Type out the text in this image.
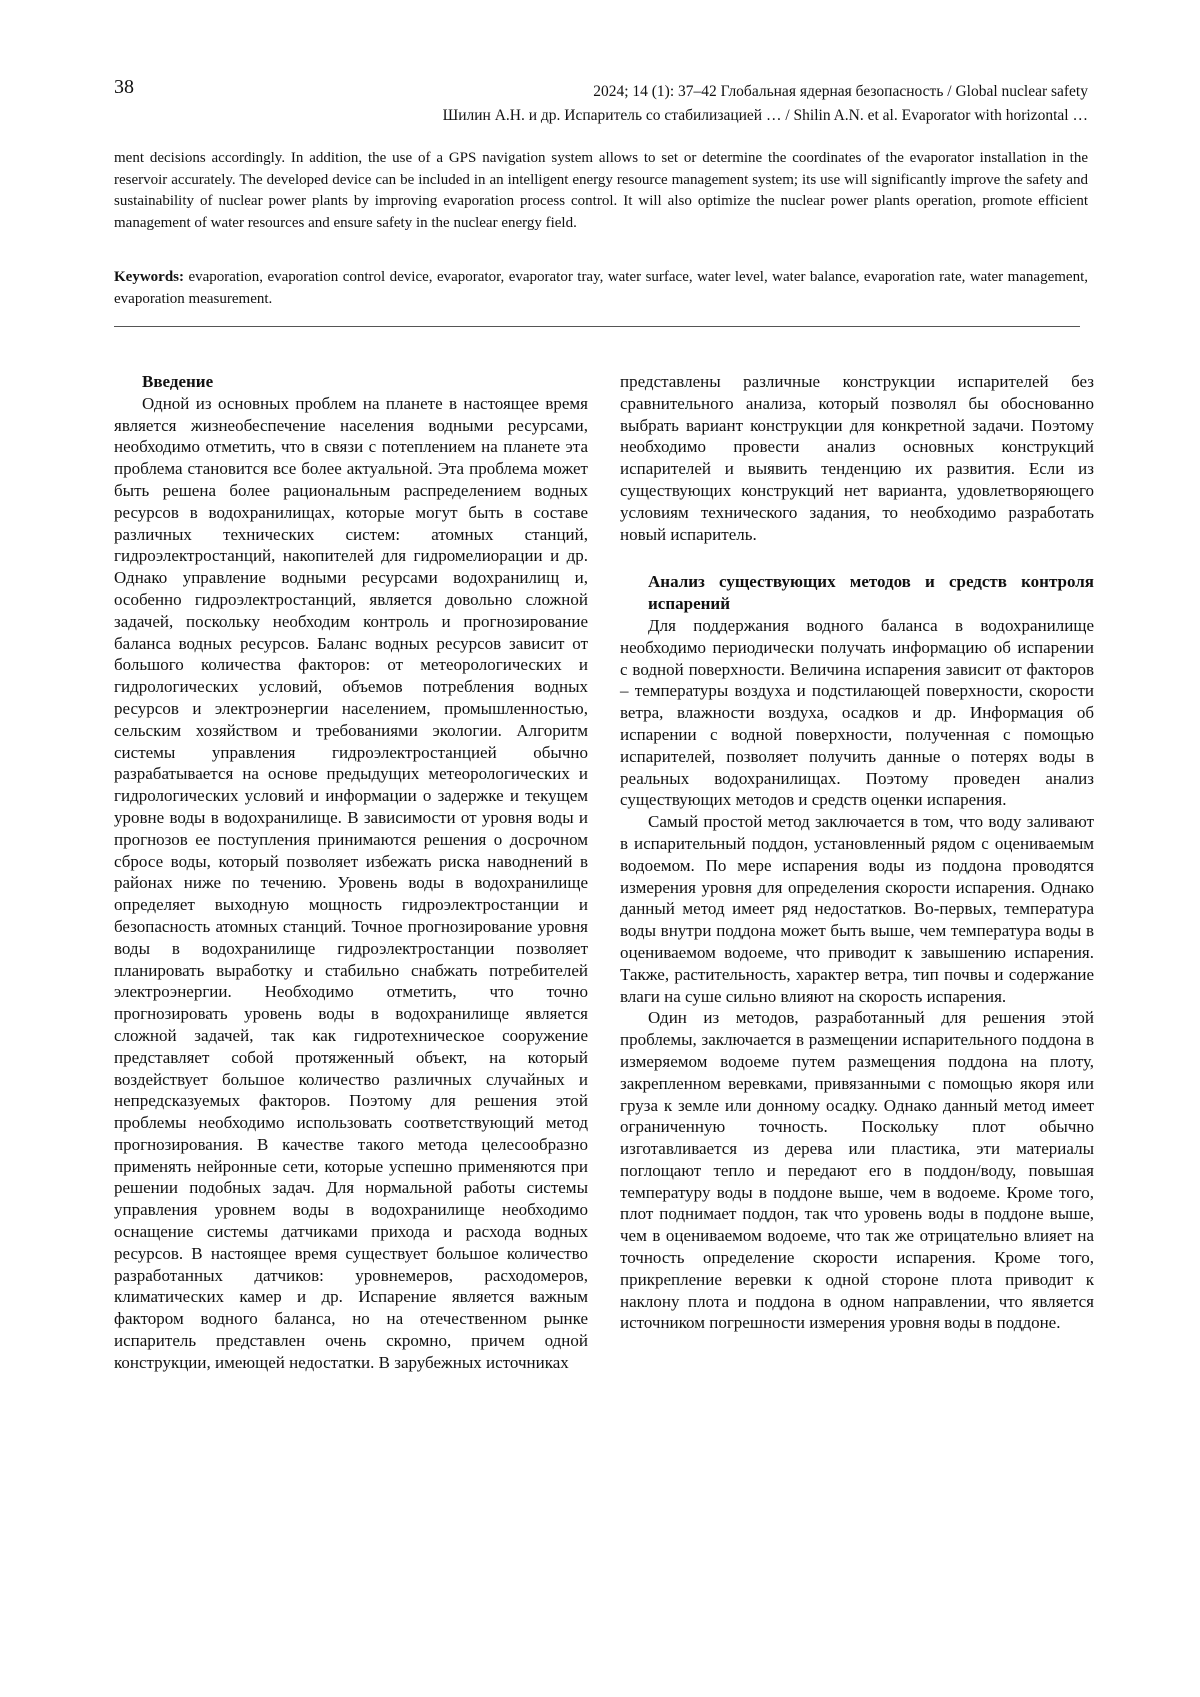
38	2024; 14 (1): 37–42 Глобальная ядерная безопасность / Global nuclear safety
Шилин А.Н. и др. Испаритель со стабилизацией … / Shilin A.N. et al. Evaporator with horizontal …

ment decisions accordingly. In addition, the use of a GPS navigation system allows to set or determine the coordinates of the evaporator installation in the reservoir accurately. The developed device can be included in an intelligent energy resource management system; its use will significantly improve the safety and sustainability of nuclear power plants by improving evaporation process control. It will also optimize the nuclear power plants operation, promote efficient management of water resources and ensure safety in the nuclear energy field.

Keywords: evaporation, evaporation control device, evaporator, evaporator tray, water surface, water level, water balance, evaporation rate, water management, evaporation measurement.

Введение

Одной из основных проблем на планете в настоящее время является жизнеобеспечение населения водными ресурсами, необходимо отметить, что в связи с потеплением на планете эта проблема становится все более актуальной. Эта проблема может быть решена более рациональным распределением водных ресурсов в водохранилищах, которые могут быть в составе различных технических систем: атомных станций, гидроэлектростанций, накопителей для гидромелиорации и др. Однако управление водными ресурсами водохранилищ и, особенно гидроэлектростанций, является довольно сложной задачей, поскольку необходим контроль и прогнозирование баланса водных ресурсов. Баланс водных ресурсов зависит от большого количества факторов: от метеорологических и гидрологических условий, объемов потребления водных ресурсов и электроэнергии населением, промышленностью, сельским хозяйством и требованиями экологии. Алгоритм системы управления гидроэлектростанцией обычно разрабатывается на основе предыдущих метеорологических и гидрологических условий и информации о задержке и текущем уровне воды в водохранилище. В зависимости от уровня воды и прогнозов ее поступления принимаются решения о досрочном сбросе воды, который позволяет избежать риска наводнений в районах ниже по течению. Уровень воды в водохранилище определяет выходную мощность гидроэлектростанции и безопасность атомных станций. Точное прогнозирование уровня воды в водохранилище гидроэлектростанции позволяет планировать выработку и стабильно снабжать потребителей электроэнергии. Необходимо отметить, что точно прогнозировать уровень воды в водохранилище является сложной задачей, так как гидротехническое сооружение представляет собой протяженный объект, на который воздействует большое количество различных случайных и непредсказуемых факторов. Поэтому для решения этой проблемы необходимо использовать соответствующий метод прогнозирования. В качестве такого метода целесообразно применять нейронные сети, которые успешно применяются при решении подобных задач. Для нормальной работы системы управления уровнем воды в водохранилище необходимо оснащение системы датчиками прихода и расхода водных ресурсов. В настоящее время существует большое количество разработанных датчиков: уровнемеров, расходомеров, климатических камер и др. Испарение является важным фактором водного баланса, но на отечественном рынке испаритель представлен очень скромно, причем одной конструкции, имеющей недостатки. В зарубежных источниках

представлены различные конструкции испарителей без сравнительного анализа, который позволял бы обоснованно выбрать вариант конструкции для конкретной задачи. Поэтому необходимо провести анализ основных конструкций испарителей и выявить тенденцию их развития. Если из существующих конструкций нет варианта, удовлетворяющего условиям технического задания, то необходимо разработать новый испаритель.

Анализ существующих методов и средств контроля испарений

Для поддержания водного баланса в водохранилище необходимо периодически получать информацию об испарении с водной поверхности. Величина испарения зависит от факторов – температуры воздуха и подстилающей поверхности, скорости ветра, влажности воздуха, осадков и др. Информация об испарении с водной поверхности, полученная с помощью испарителей, позволяет получить данные о потерях воды в реальных водохранилищах. Поэтому проведен анализ существующих методов и средств оценки испарения.

Самый простой метод заключается в том, что воду заливают в испарительный поддон, установленный рядом с оцениваемым водоемом. По мере испарения воды из поддона проводятся измерения уровня для определения скорости испарения. Однако данный метод имеет ряд недостатков. Во-первых, температура воды внутри поддона может быть выше, чем температура воды в оцениваемом водоеме, что приводит к завышению испарения. Также, растительность, характер ветра, тип почвы и содержание влаги на суше сильно влияют на скорость испарения.

Один из методов, разработанный для решения этой проблемы, заключается в размещении испарительного поддона в измеряемом водоеме путем размещения поддона на плоту, закрепленном веревками, привязанными с помощью якоря или груза к земле или донному осадку. Однако данный метод имеет ограниченную точность. Поскольку плот обычно изготавливается из дерева или пластика, эти материалы поглощают тепло и передают его в поддон/воду, повышая температуру воды в поддоне выше, чем в водоеме. Кроме того, плот поднимает поддон, так что уровень воды в поддоне выше, чем в оцениваемом водоеме, что так же отрицательно влияет на точность определение скорости испарения. Кроме того, прикрепление веревки к одной стороне плота приводит к наклону плота и поддона в одном направлении, что является источником погрешности измерения уровня воды в поддоне.
